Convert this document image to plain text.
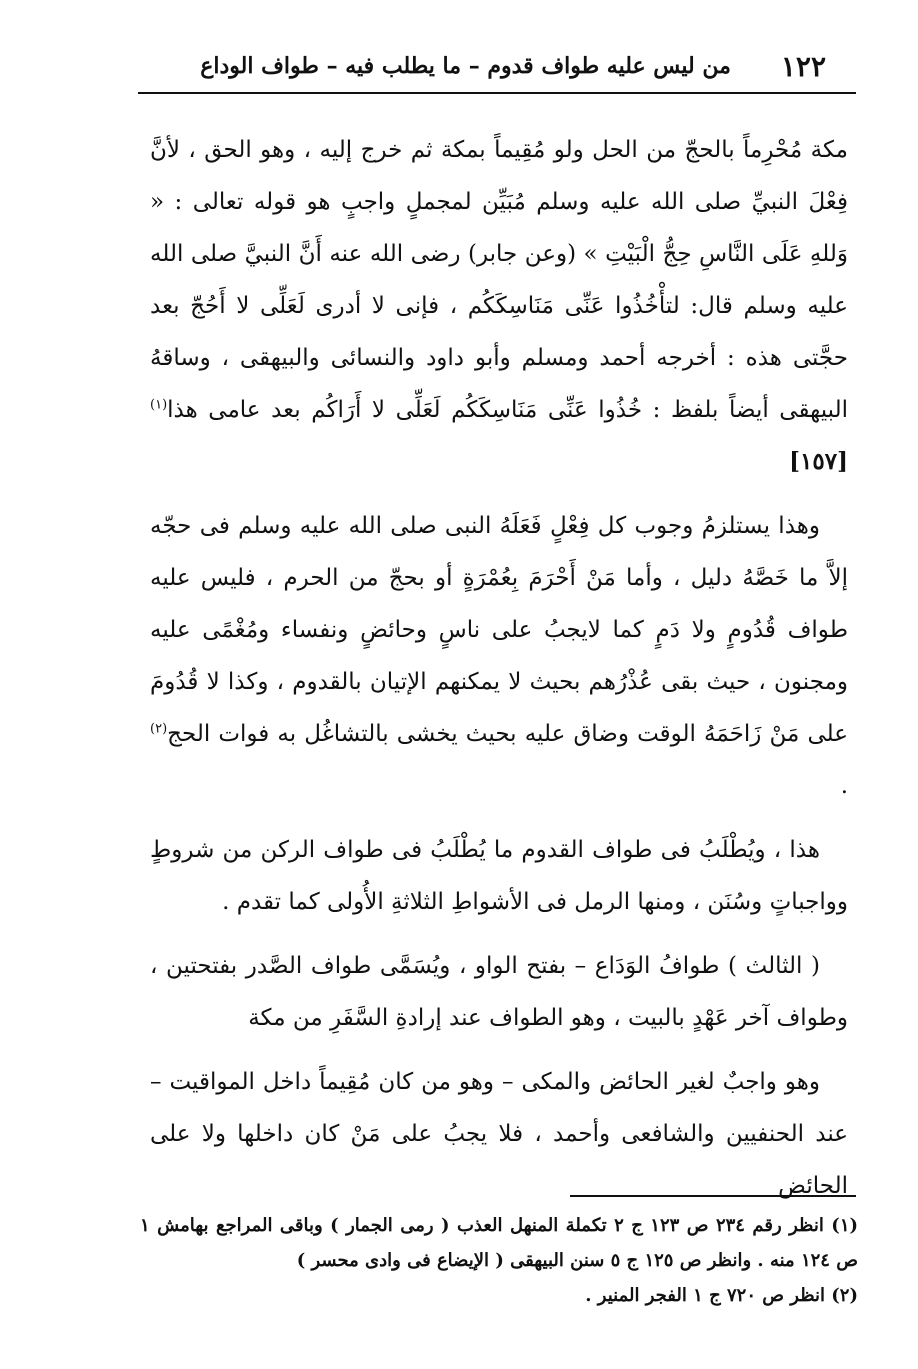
١٢٢
من ليس عليه طواف قدوم – ما يطلب فيه – طواف الوداع

مكة مُحْرِماً بالحجّ من الحل ولو مُقِيماً بمكة ثم خرج إليه ، وهو الحق ، لأنَّ فِعْلَ النبيِّ صلى الله عليه وسلم مُبَيِّن لمجملٍ واجبٍ هو قوله تعالى : « وَللهِ عَلَى النَّاسِ حِجُّ الْبَيْتِ » (وعن جابر) رضى الله عنه أَنَّ النبيَّ صلى الله عليه وسلم قال: لتأْخُذُوا عَنِّى مَنَاسِكَكُم ، فإنى لا أدرى لَعَلِّى لا أَحُجّ بعد حجَّتى هذه : أخرجه أحمد ومسلم وأبو داود والنسائى والبيهقى ، وساقهُ البيهقى أيضاً بلفظ : خُذُوا عَنِّى مَنَاسِكَكُم لَعَلِّى لا أَرَاكُم بعد عامى هذا$^{(١)}$ [١٥٧]

وهذا يستلزمُ وجوب كل فِعْلٍ فَعَلَهُ النبى صلى الله عليه وسلم فى حجّه إلاَّ ما خَصَّهُ دليل ، وأما مَنْ أَحْرَمَ بِعُمْرَةٍ أو بحجّ من الحرم ، فليس عليه طواف قُدُومٍ ولا دَمٍ كما لايجبُ على ناسٍ وحائضٍ ونفساء ومُغْمًى عليه ومجنون ، حيث بقى عُذْرُهم بحيث لا يمكنهم الإتيان بالقدوم ، وكذا لا قُدُومَ على مَنْ زَاحَمَهُ الوقت وضاق عليه بحيث يخشى بالتشاغُل به فوات الحج$^{(٢)}$ .

هذا ، ويُطْلَبُ فى طواف القدوم ما يُطْلَبُ فى طواف الركن من شروطٍ وواجباتٍ وسُنَن ، ومنها الرمل فى الأشواطِ الثلاثةِ الأُولى كما تقدم .

( الثالث ) طوافُ الوَدَاع – بفتح الواو ، ويُسَمَّى طواف الصَّدر بفتحتين ، وطواف آخر عَهْدٍ بالبيت ، وهو الطواف عند إرادةِ السَّفَرِ من مكة

وهو واجبٌ لغير الحائض والمكى – وهو من كان مُقِيماً داخل المواقيت – عند الحنفيين والشافعى وأحمد ، فلا يجبُ على مَنْ كان داخلها ولا على الحائض

(١) انظر رقم ٢٣٤ ص ١٢٣ ج ٢ تكملة المنهل العذب ( رمى الجمار ) وباقى المراجع بهامش ١ ص ١٢٤ منه . وانظر ص ١٢٥ ج ٥ سنن البيهقى ( الإيضاع فى وادى محسر )

(٢) انظر ص ٧٢٠ ج ١ الفجر المنير .
